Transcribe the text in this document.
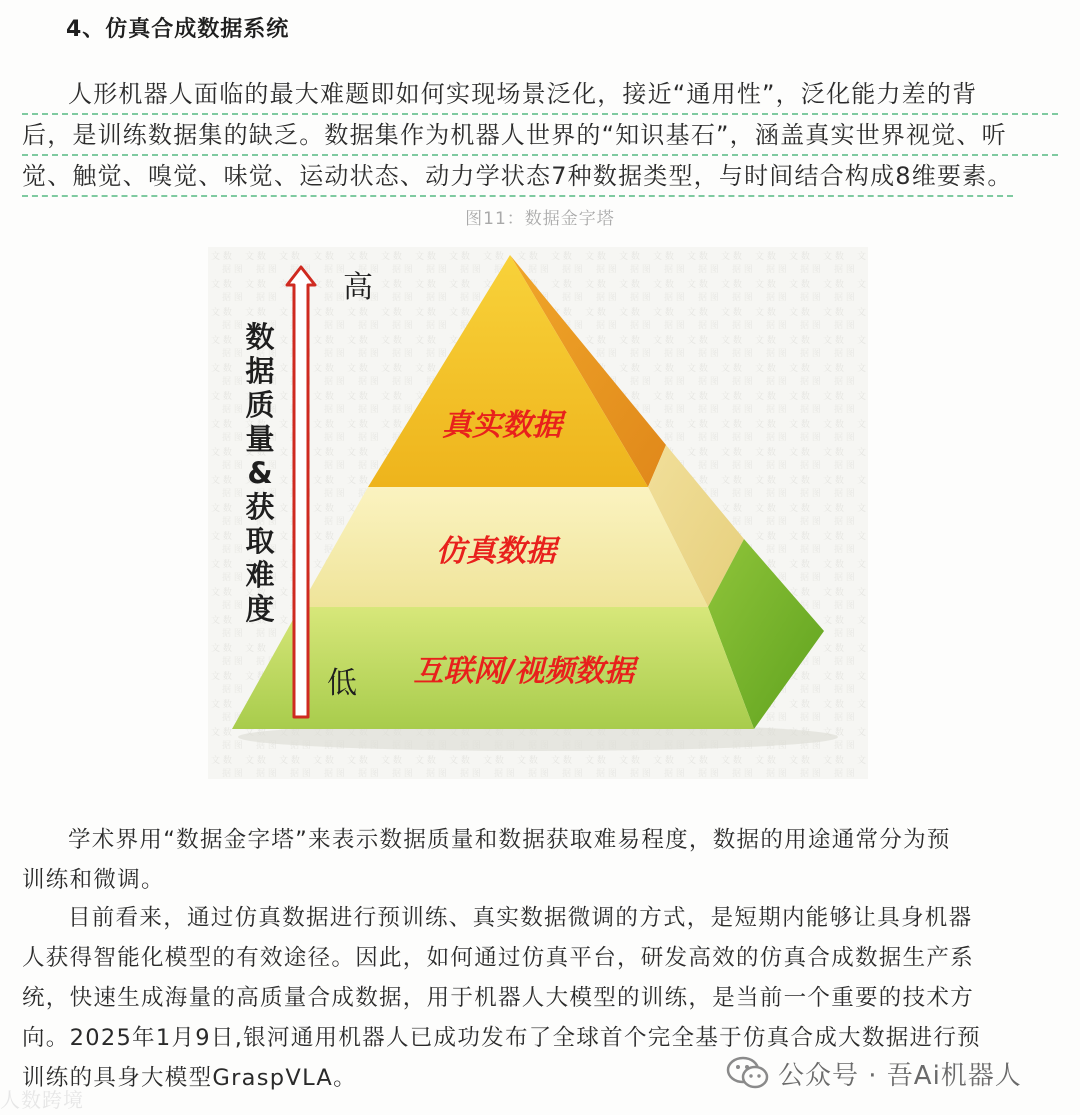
4、仿真合成数据系统
人形机器人面临的最大难题即如何实现场景泛化，接近“通用性”，泛化能力差的背
后，是训练数据集的缺乏。数据集作为机器人世界的“知识基石”，涵盖真实世界视觉、听
觉、触觉、嗅觉、味觉、运动状态、动力学状态7种数据类型，与时间结合构成8维要素。
图11：数据金字塔
真实数据
仿真数据
互联网/视频数据
高
低
数据质量&获取难度
学术界用“数据金字塔”来表示数据质量和数据获取难易程度，数据的用途通常分为预
训练和微调。
目前看来，通过仿真数据进行预训练、真实数据微调的方式，是短期内能够让具身机器
人获得智能化模型的有效途径。因此，如何通过仿真平台，研发高效的仿真合成数据生产系
统，快速生成海量的高质量合成数据，用于机器人大模型的训练，是当前一个重要的技术方
向。2025年1月9日,银河通用机器人已成功发布了全球首个完全基于仿真合成大数据进行预
训练的具身大模型GraspVLA。	公众号 · 吾Ai机器人
人数跨境
